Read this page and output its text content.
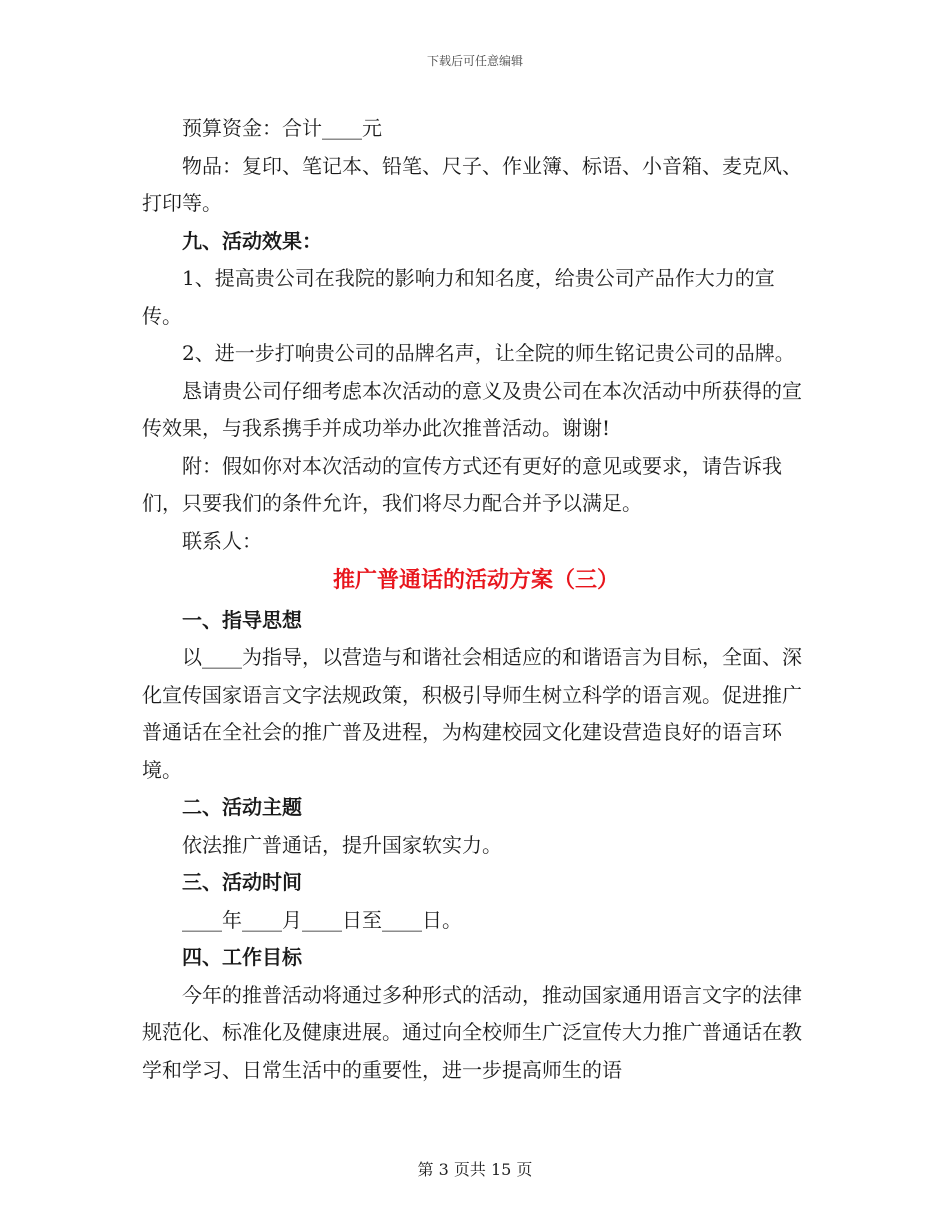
下载后可任意编辑

预算资金：合计____元

物品：复印、笔记本、铅笔、尺子、作业簿、标语、小音箱、麦克风、打印等。

九、活动效果：

1、提高贵公司在我院的影响力和知名度，给贵公司产品作大力的宣传。

2、进一步打响贵公司的品牌名声，让全院的师生铭记贵公司的品牌。

恳请贵公司仔细考虑本次活动的意义及贵公司在本次活动中所获得的宣传效果，与我系携手并成功举办此次推普活动。谢谢!

附：假如你对本次活动的宣传方式还有更好的意见或要求，请告诉我们，只要我们的条件允许，我们将尽力配合并予以满足。

联系人：

推广普通话的活动方案（三）

一、指导思想

以____为指导，以营造与和谐社会相适应的和谐语言为目标，全面、深化宣传国家语言文字法规政策，积极引导师生树立科学的语言观。促进推广普通话在全社会的推广普及进程，为构建校园文化建设营造良好的语言环境。

二、活动主题

依法推广普通话，提升国家软实力。

三、活动时间

____年____月____日至____日。

四、工作目标

今年的推普活动将通过多种形式的活动，推动国家通用语言文字的法律规范化、标准化及健康进展。通过向全校师生广泛宣传大力推广普通话在教学和学习、日常生活中的重要性，进一步提高师生的语

第 3 页共 15 页
